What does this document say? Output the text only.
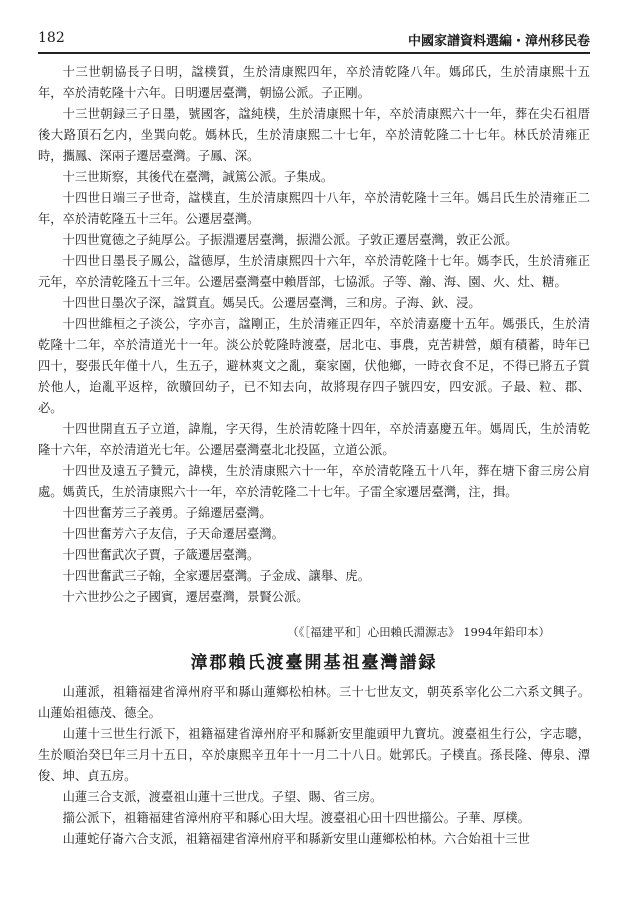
182	中國家譜資料選編・漳州移民卷

十三世朝協長子日明，諡樸質，生於清康熙四年，卒於清乾隆八年。媽邱氏，生於清康熙十五年，卒於清乾隆十六年。日明遷居臺灣，朝協公派。子正剛。

十三世朝録三子日墨，號國客，諡純樸，生於清康熙十年，卒於清康熙六十一年，葬在尖石祖厝後大路頂石乞内，坐巽向乾。媽林氏，生於清康熙二十七年，卒於清乾隆二十七年。林氏於清雍正時，攜鳳、深兩子遷居臺灣。子鳳、深。

十三世斯察，其後代在臺灣，誠篤公派。子集成。

十四世日端三子世奇，諡樸直，生於清康熙四十八年，卒於清乾隆十三年。媽吕氏生於清雍正二年，卒於清乾隆五十三年。公遷居臺灣。

十四世寬德之子純厚公。子振淵遷居臺灣，振淵公派。子敦正遷居臺灣，敦正公派。

十四世日墨長子鳳公，諡德厚，生於清康熙四十六年，卒於清乾隆十七年。媽李氏，生於清雍正元年，卒於清乾隆五十三年。公遷居臺灣臺中賴厝部，七協派。子等、瀚、海、園、火、灶、糖。

十四世日墨次子深，諡質直。媽吴氏。公遷居臺灣，三和房。子海、鈥、浸。

十四世維桓之子淡公，字亦言，諡剛正，生於清雍正四年，卒於清嘉慶十五年。媽張氏，生於清乾隆十二年，卒於清道光十一年。淡公於乾隆時渡臺，居北屯、事農，克苦耕營，頗有積蓄，時年已四十，娶張氏年僅十八，生五子，避林爽文之亂，棄家園，伏他鄉，一時衣食不足，不得已將五子質於他人，迨亂平返梓，欲贖回幼子，已不知去向，故將現存四子號四安，四安派。子最、粒、郡、必。

十四世開直五子立道，諱胤，字天得，生於清乾隆十四年，卒於清嘉慶五年。媽周氏，生於清乾隆十六年，卒於清道光七年。公遷居臺灣臺北北投區，立道公派。

十四世及遠五子贊元，諱樸，生於清康熙六十一年，卒於清乾隆五十八年，葬在塘下畬三房公肩處。媽黄氏，生於清康熙六十一年，卒於清乾隆二十七年。子雷全家遷居臺灣，注，揖。

十四世奮芳三子義勇。子綿遷居臺灣。

十四世奮芳六子友信，子天命遷居臺灣。

十四世奮武次子賈，子箴遷居臺灣。

十四世奮武三子翰，全家遷居臺灣。子金成、讓舉、虎。

十六世抄公之子國賓，遷居臺灣，景賢公派。

（《［福建平和］心田賴氏淵源志》 1994年鉛印本）
漳郡賴氏渡臺開基祖臺灣譜録

山蓮派，祖籍福建省漳州府平和縣山蓮鄉松柏林。三十七世友文，朝英系宰化公二六系文興子。山蓮始祖德茂、德全。

山蓮十三世生行派下，祖籍福建省漳州府平和縣新安里龍頭甲九寶坑。渡臺祖生行公，字志聰，生於順治癸巳年三月十五日，卒於康熙辛丑年十一月二十八日。妣郭氏。子樸直。孫長隆、傳泉、潭俊、坤、貞五房。

山蓮三合支派，渡臺祖山蓮十三世戊。子望、賜、省三房。

擶公派下，祖籍福建省漳州府平和縣心田大埕。渡臺祖心田十四世擶公。子華、厚樸。

山蓮蛇仔崙六合支派，祖籍福建省漳州府平和縣新安里山蓮鄉松柏林。六合始祖十三世
